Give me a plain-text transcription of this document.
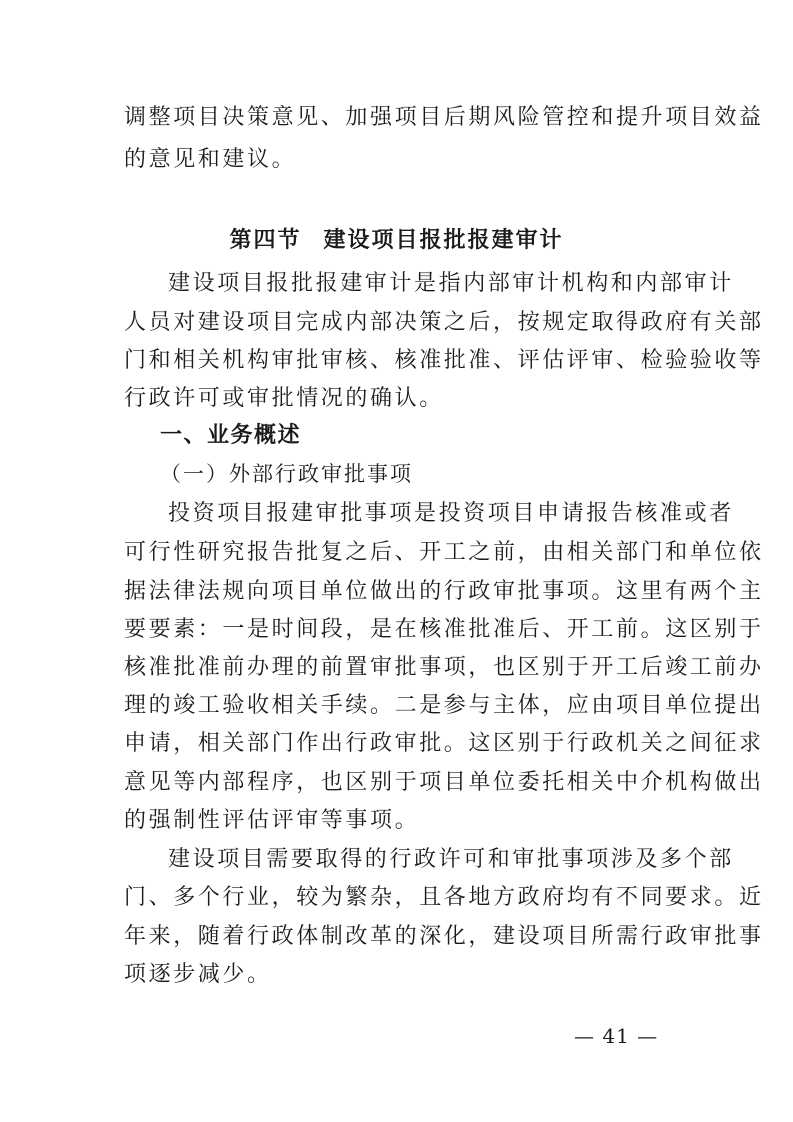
调整项目决策意见、加强项目后期风险管控和提升项目效益
的意见和建议。
第四节 建设项目报批报建审计
建设项目报批报建审计是指内部审计机构和内部审计
人员对建设项目完成内部决策之后，按规定取得政府有关部
门和相关机构审批审核、核准批准、评估评审、检验验收等
行政许可或审批情况的确认。
一、业务概述
（一）外部行政审批事项
投资项目报建审批事项是投资项目申请报告核准或者
可行性研究报告批复之后、开工之前，由相关部门和单位依
据法律法规向项目单位做出的行政审批事项。这里有两个主
要要素：一是时间段，是在核准批准后、开工前。这区别于
核准批准前办理的前置审批事项，也区别于开工后竣工前办
理的竣工验收相关手续。二是参与主体，应由项目单位提出
申请，相关部门作出行政审批。这区别于行政机关之间征求
意见等内部程序，也区别于项目单位委托相关中介机构做出
的强制性评估评审等事项。
建设项目需要取得的行政许可和审批事项涉及多个部
门、多个行业，较为繁杂，且各地方政府均有不同要求。近
年来，随着行政体制改革的深化，建设项目所需行政审批事
项逐步减少。
— 41 —
